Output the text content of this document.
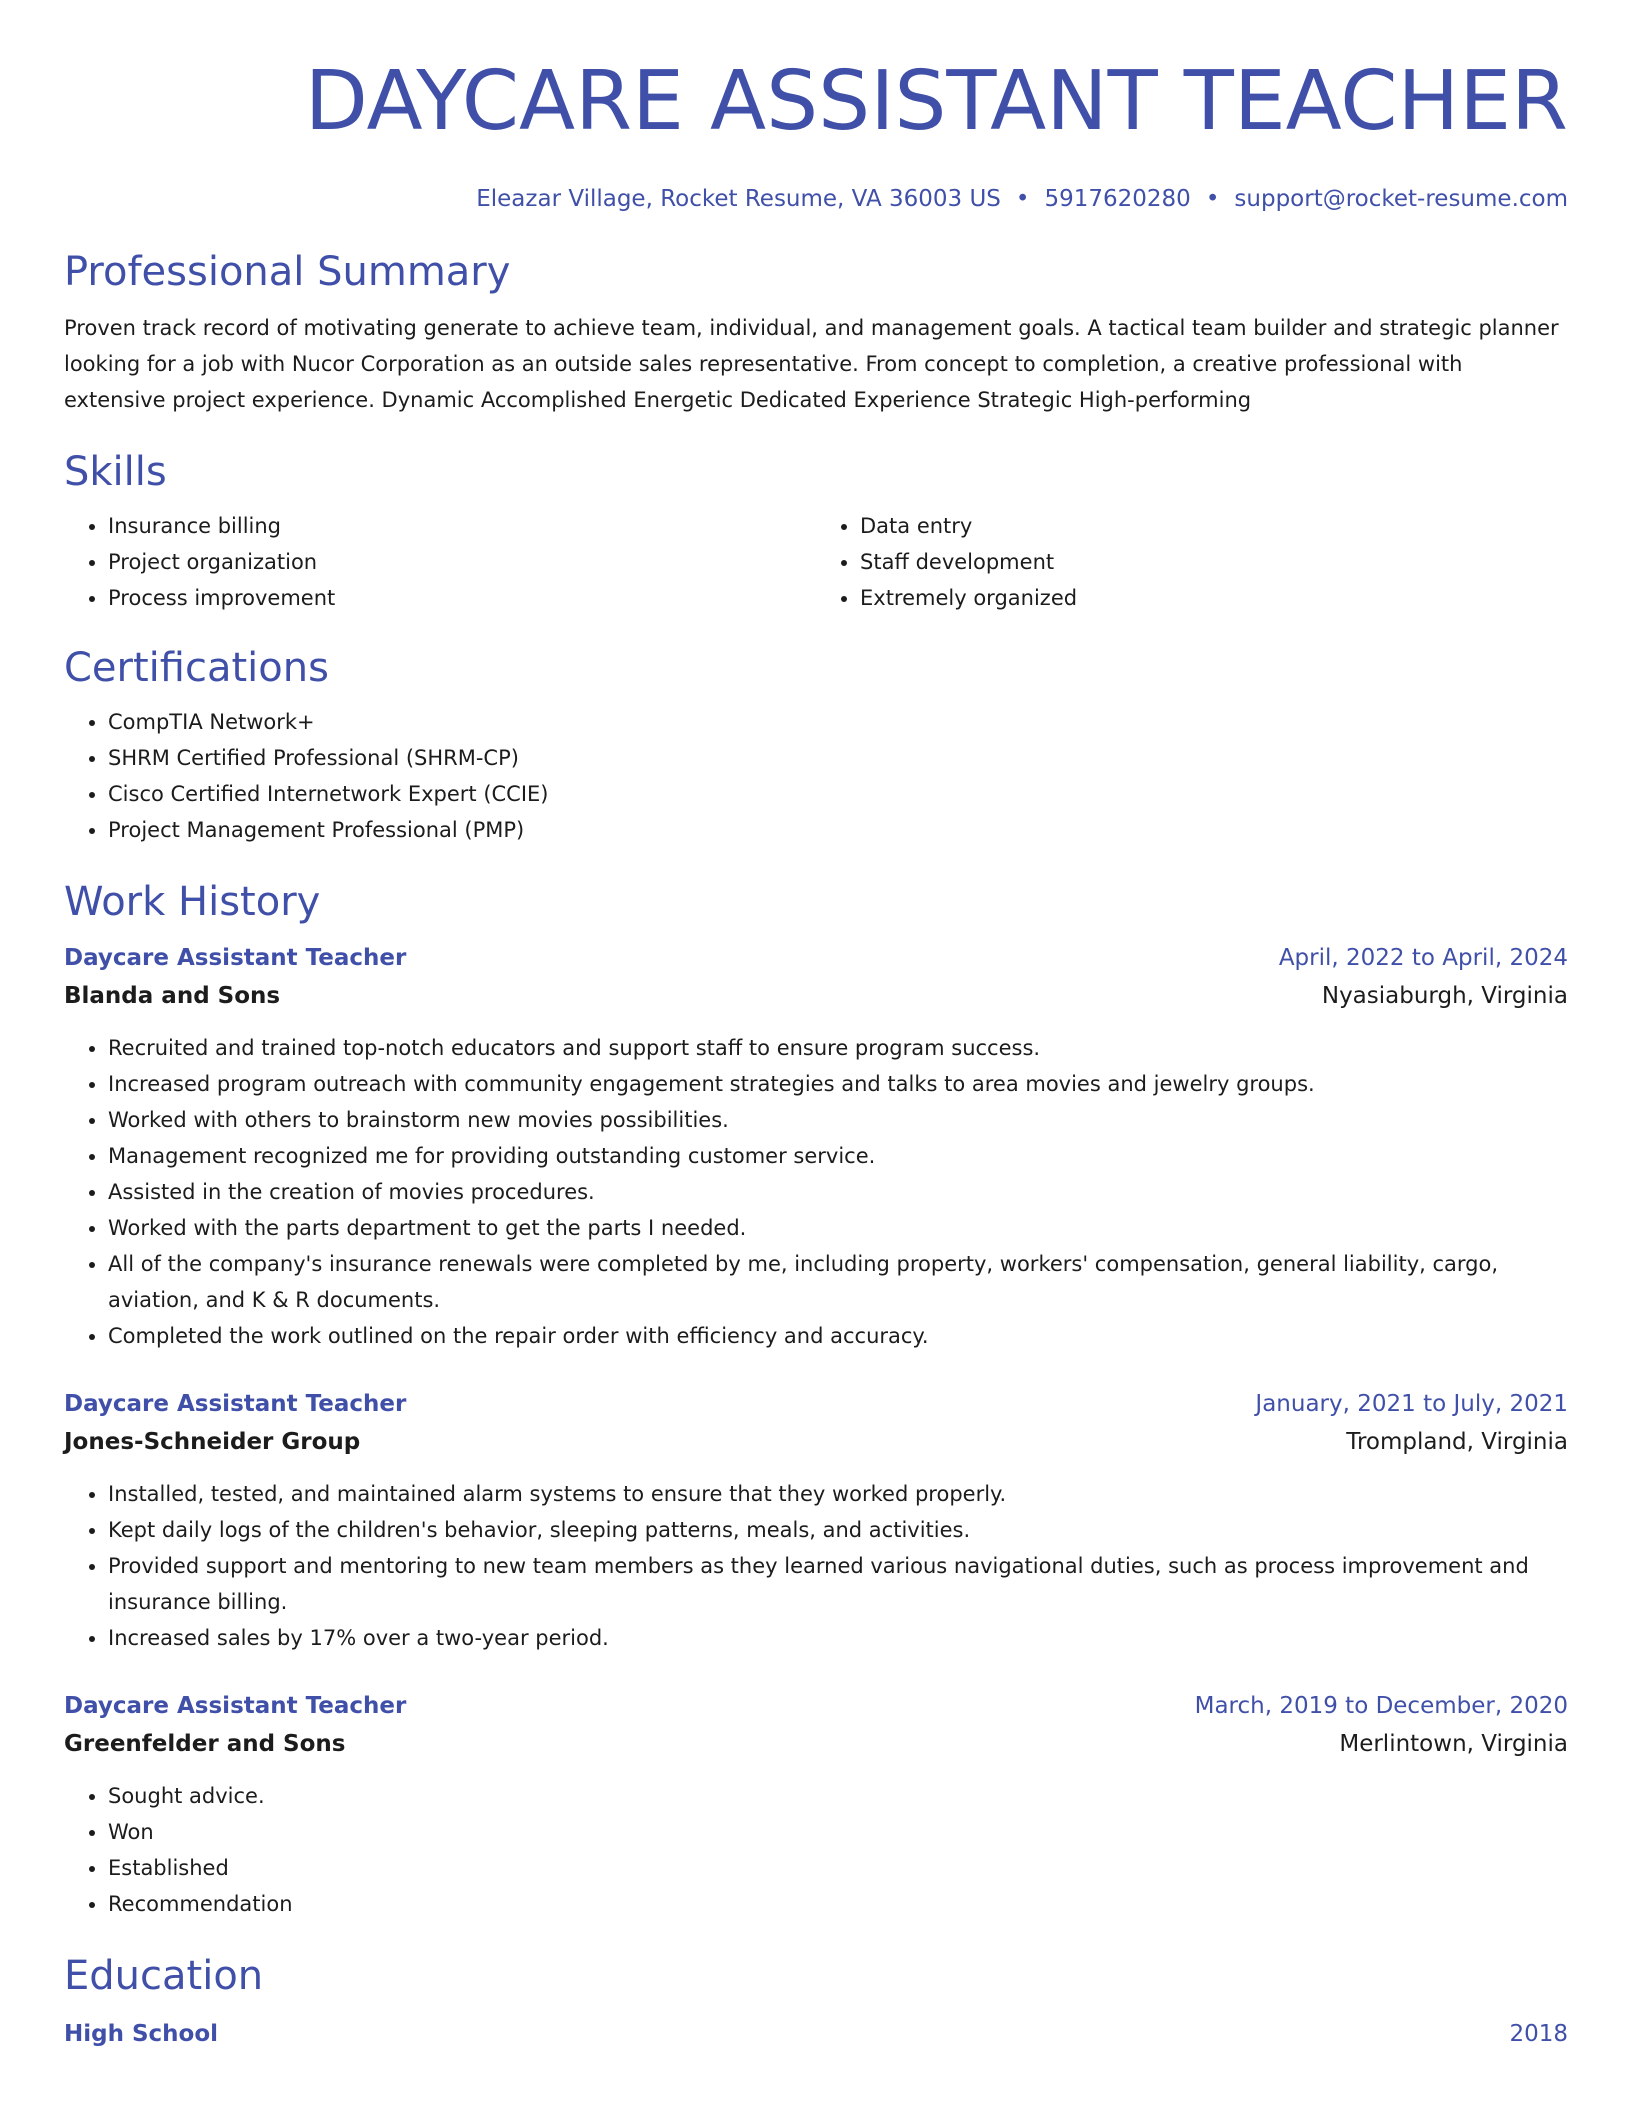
DAYCARE ASSISTANT TEACHER
Eleazar Village, Rocket Resume, VA 36003 US • 5917620280 • support@rocket-resume.com
Professional Summary

Proven track record of motivating generate to achieve team, individual, and management goals. A tactical team builder and strategic planner looking for a job with Nucor Corporation as an outside sales representative. From concept to completion, a creative professional with extensive project experience. Dynamic Accomplished Energetic Dedicated Experience Strategic High-performing

Skills
• Insurance billing
• Project organization
• Process improvement
• Data entry
• Staff development
• Extremely organized
Certifications
• CompTIA Network+
• SHRM Certified Professional (SHRM-CP)
• Cisco Certified Internetwork Expert (CCIE)
• Project Management Professional (PMP)
Work History
Daycare Assistant Teacher	April, 2022 to April, 2024
Blanda and Sons	Nyasiaburgh, Virginia
• Recruited and trained top-notch educators and support staff to ensure program success.
• Increased program outreach with community engagement strategies and talks to area movies and jewelry groups.
• Worked with others to brainstorm new movies possibilities.
• Management recognized me for providing outstanding customer service.
• Assisted in the creation of movies procedures.
• Worked with the parts department to get the parts I needed.
• All of the company's insurance renewals were completed by me, including property, workers' compensation, general liability, cargo, aviation, and K & R documents.
• Completed the work outlined on the repair order with efficiency and accuracy.
Daycare Assistant Teacher	January, 2021 to July, 2021
Jones-Schneider Group	Tromplan​d, Virginia
• Installed, tested, and maintained alarm systems to ensure that they worked properly.
• Kept daily logs of the children's behavior, sleeping patterns, meals, and activities.
• Provided support and mentoring to new team members as they learned various navigational duties, such as process improvement and insurance billing.
• Increased sales by 17% over a two-year period.
Daycare Assistant Teacher	March, 2019 to December, 2020
Greenfelder and Sons	Merlintown, Virginia
• Sought advice.
• Won
• Established
• Recommendation
Education
High School	2018
